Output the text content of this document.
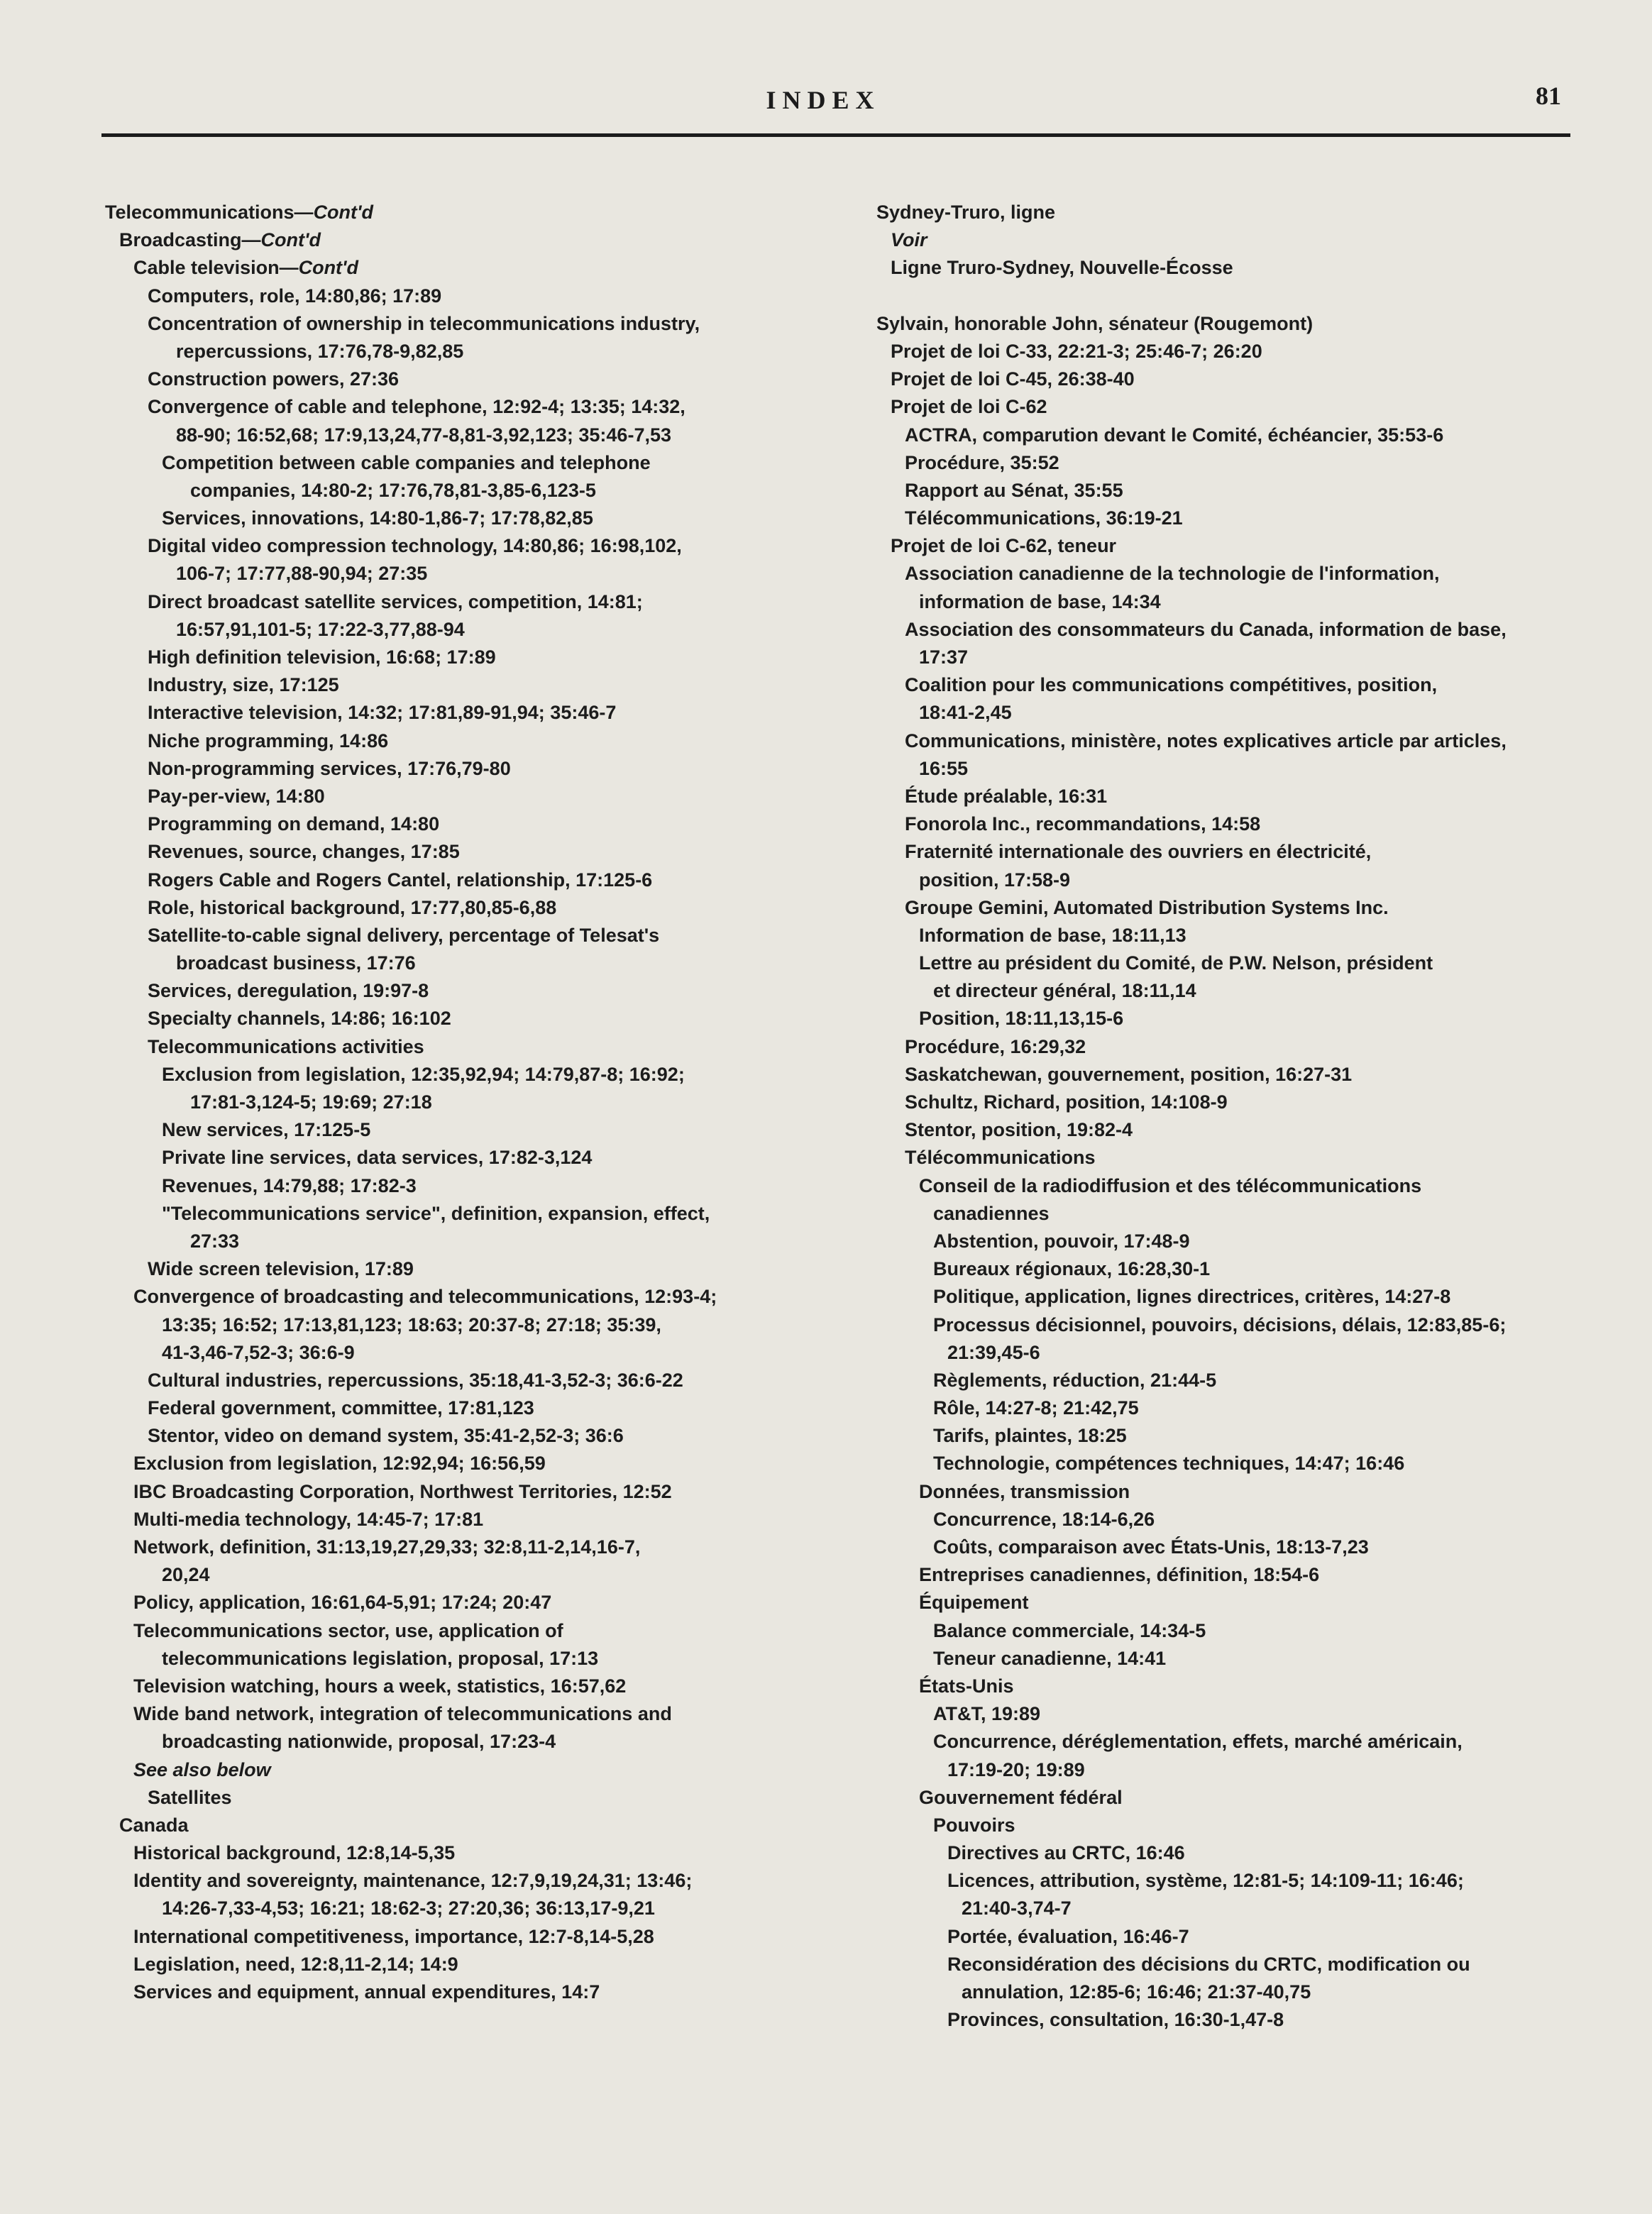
INDEX	81
Telecommunications—Cont'd
Broadcasting—Cont'd
Cable television—Cont'd
Computers, role, 14:80,86; 17:89
Concentration of ownership in telecommunications industry,
repercussions, 17:76,78-9,82,85
Construction powers, 27:36
Convergence of cable and telephone, 12:92-4; 13:35; 14:32,
88-90; 16:52,68; 17:9,13,24,77-8,81-3,92,123; 35:46-7,53
Competition between cable companies and telephone
companies, 14:80-2; 17:76,78,81-3,85-6,123-5
Services, innovations, 14:80-1,86-7; 17:78,82,85
Digital video compression technology, 14:80,86; 16:98,102,
106-7; 17:77,88-90,94; 27:35
Direct broadcast satellite services, competition, 14:81;
16:57,91,101-5; 17:22-3,77,88-94
High definition television, 16:68; 17:89
Industry, size, 17:125
Interactive television, 14:32; 17:81,89-91,94; 35:46-7
Niche programming, 14:86
Non-programming services, 17:76,79-80
Pay-per-view, 14:80
Programming on demand, 14:80
Revenues, source, changes, 17:85
Rogers Cable and Rogers Cantel, relationship, 17:125-6
Role, historical background, 17:77,80,85-6,88
Satellite-to-cable signal delivery, percentage of Telesat's
broadcast business, 17:76
Services, deregulation, 19:97-8
Specialty channels, 14:86; 16:102
Telecommunications activities
Exclusion from legislation, 12:35,92,94; 14:79,87-8; 16:92;
17:81-3,124-5; 19:69; 27:18
New services, 17:125-5
Private line services, data services, 17:82-3,124
Revenues, 14:79,88; 17:82-3
"Telecommunications service", definition, expansion, effect,
27:33
Wide screen television, 17:89
Convergence of broadcasting and telecommunications, 12:93-4;
13:35; 16:52; 17:13,81,123; 18:63; 20:37-8; 27:18; 35:39,
41-3,46-7,52-3; 36:6-9
Cultural industries, repercussions, 35:18,41-3,52-3; 36:6-22
Federal government, committee, 17:81,123
Stentor, video on demand system, 35:41-2,52-3; 36:6
Exclusion from legislation, 12:92,94; 16:56,59
IBC Broadcasting Corporation, Northwest Territories, 12:52
Multi-media technology, 14:45-7; 17:81
Network, definition, 31:13,19,27,29,33; 32:8,11-2,14,16-7,
20,24
Policy, application, 16:61,64-5,91; 17:24; 20:47
Telecommunications sector, use, application of
telecommunications legislation, proposal, 17:13
Television watching, hours a week, statistics, 16:57,62
Wide band network, integration of telecommunications and
broadcasting nationwide, proposal, 17:23-4
See also below
Satellites
Canada
Historical background, 12:8,14-5,35
Identity and sovereignty, maintenance, 12:7,9,19,24,31; 13:46;
14:26-7,33-4,53; 16:21; 18:62-3; 27:20,36; 36:13,17-9,21
International competitiveness, importance, 12:7-8,14-5,28
Legislation, need, 12:8,11-2,14; 14:9
Services and equipment, annual expenditures, 14:7
Sydney-Truro, ligne
Voir
Ligne Truro-Sydney, Nouvelle-Écosse
Sylvain, honorable John, sénateur (Rougemont)
Projet de loi C-33, 22:21-3; 25:46-7; 26:20
Projet de loi C-45, 26:38-40
Projet de loi C-62
ACTRA, comparution devant le Comité, échéancier, 35:53-6
Procédure, 35:52
Rapport au Sénat, 35:55
Télécommunications, 36:19-21
Projet de loi C-62, teneur
Association canadienne de la technologie de l'information,
information de base, 14:34
Association des consommateurs du Canada, information de base,
17:37
Coalition pour les communications compétitives, position,
18:41-2,45
Communications, ministère, notes explicatives article par articles,
16:55
Étude préalable, 16:31
Fonorola Inc., recommandations, 14:58
Fraternité internationale des ouvriers en électricité,
position, 17:58-9
Groupe Gemini, Automated Distribution Systems Inc.
Information de base, 18:11,13
Lettre au président du Comité, de P.W. Nelson, président
et directeur général, 18:11,14
Position, 18:11,13,15-6
Procédure, 16:29,32
Saskatchewan, gouvernement, position, 16:27-31
Schultz, Richard, position, 14:108-9
Stentor, position, 19:82-4
Télécommunications
Conseil de la radiodiffusion et des télécommunications
canadiennes
Abstention, pouvoir, 17:48-9
Bureaux régionaux, 16:28,30-1
Politique, application, lignes directrices, critères, 14:27-8
Processus décisionnel, pouvoirs, décisions, délais, 12:83,85-6;
21:39,45-6
Règlements, réduction, 21:44-5
Rôle, 14:27-8; 21:42,75
Tarifs, plaintes, 18:25
Technologie, compétences techniques, 14:47; 16:46
Données, transmission
Concurrence, 18:14-6,26
Coûts, comparaison avec États-Unis, 18:13-7,23
Entreprises canadiennes, définition, 18:54-6
Équipement
Balance commerciale, 14:34-5
Teneur canadienne, 14:41
États-Unis
AT&T, 19:89
Concurrence, déréglementation, effets, marché américain,
17:19-20; 19:89
Gouvernement fédéral
Pouvoirs
Directives au CRTC, 16:46
Licences, attribution, système, 12:81-5; 14:109-11; 16:46;
21:40-3,74-7
Portée, évaluation, 16:46-7
Reconsidération des décisions du CRTC, modification ou
annulation, 12:85-6; 16:46; 21:37-40,75
Provinces, consultation, 16:30-1,47-8
